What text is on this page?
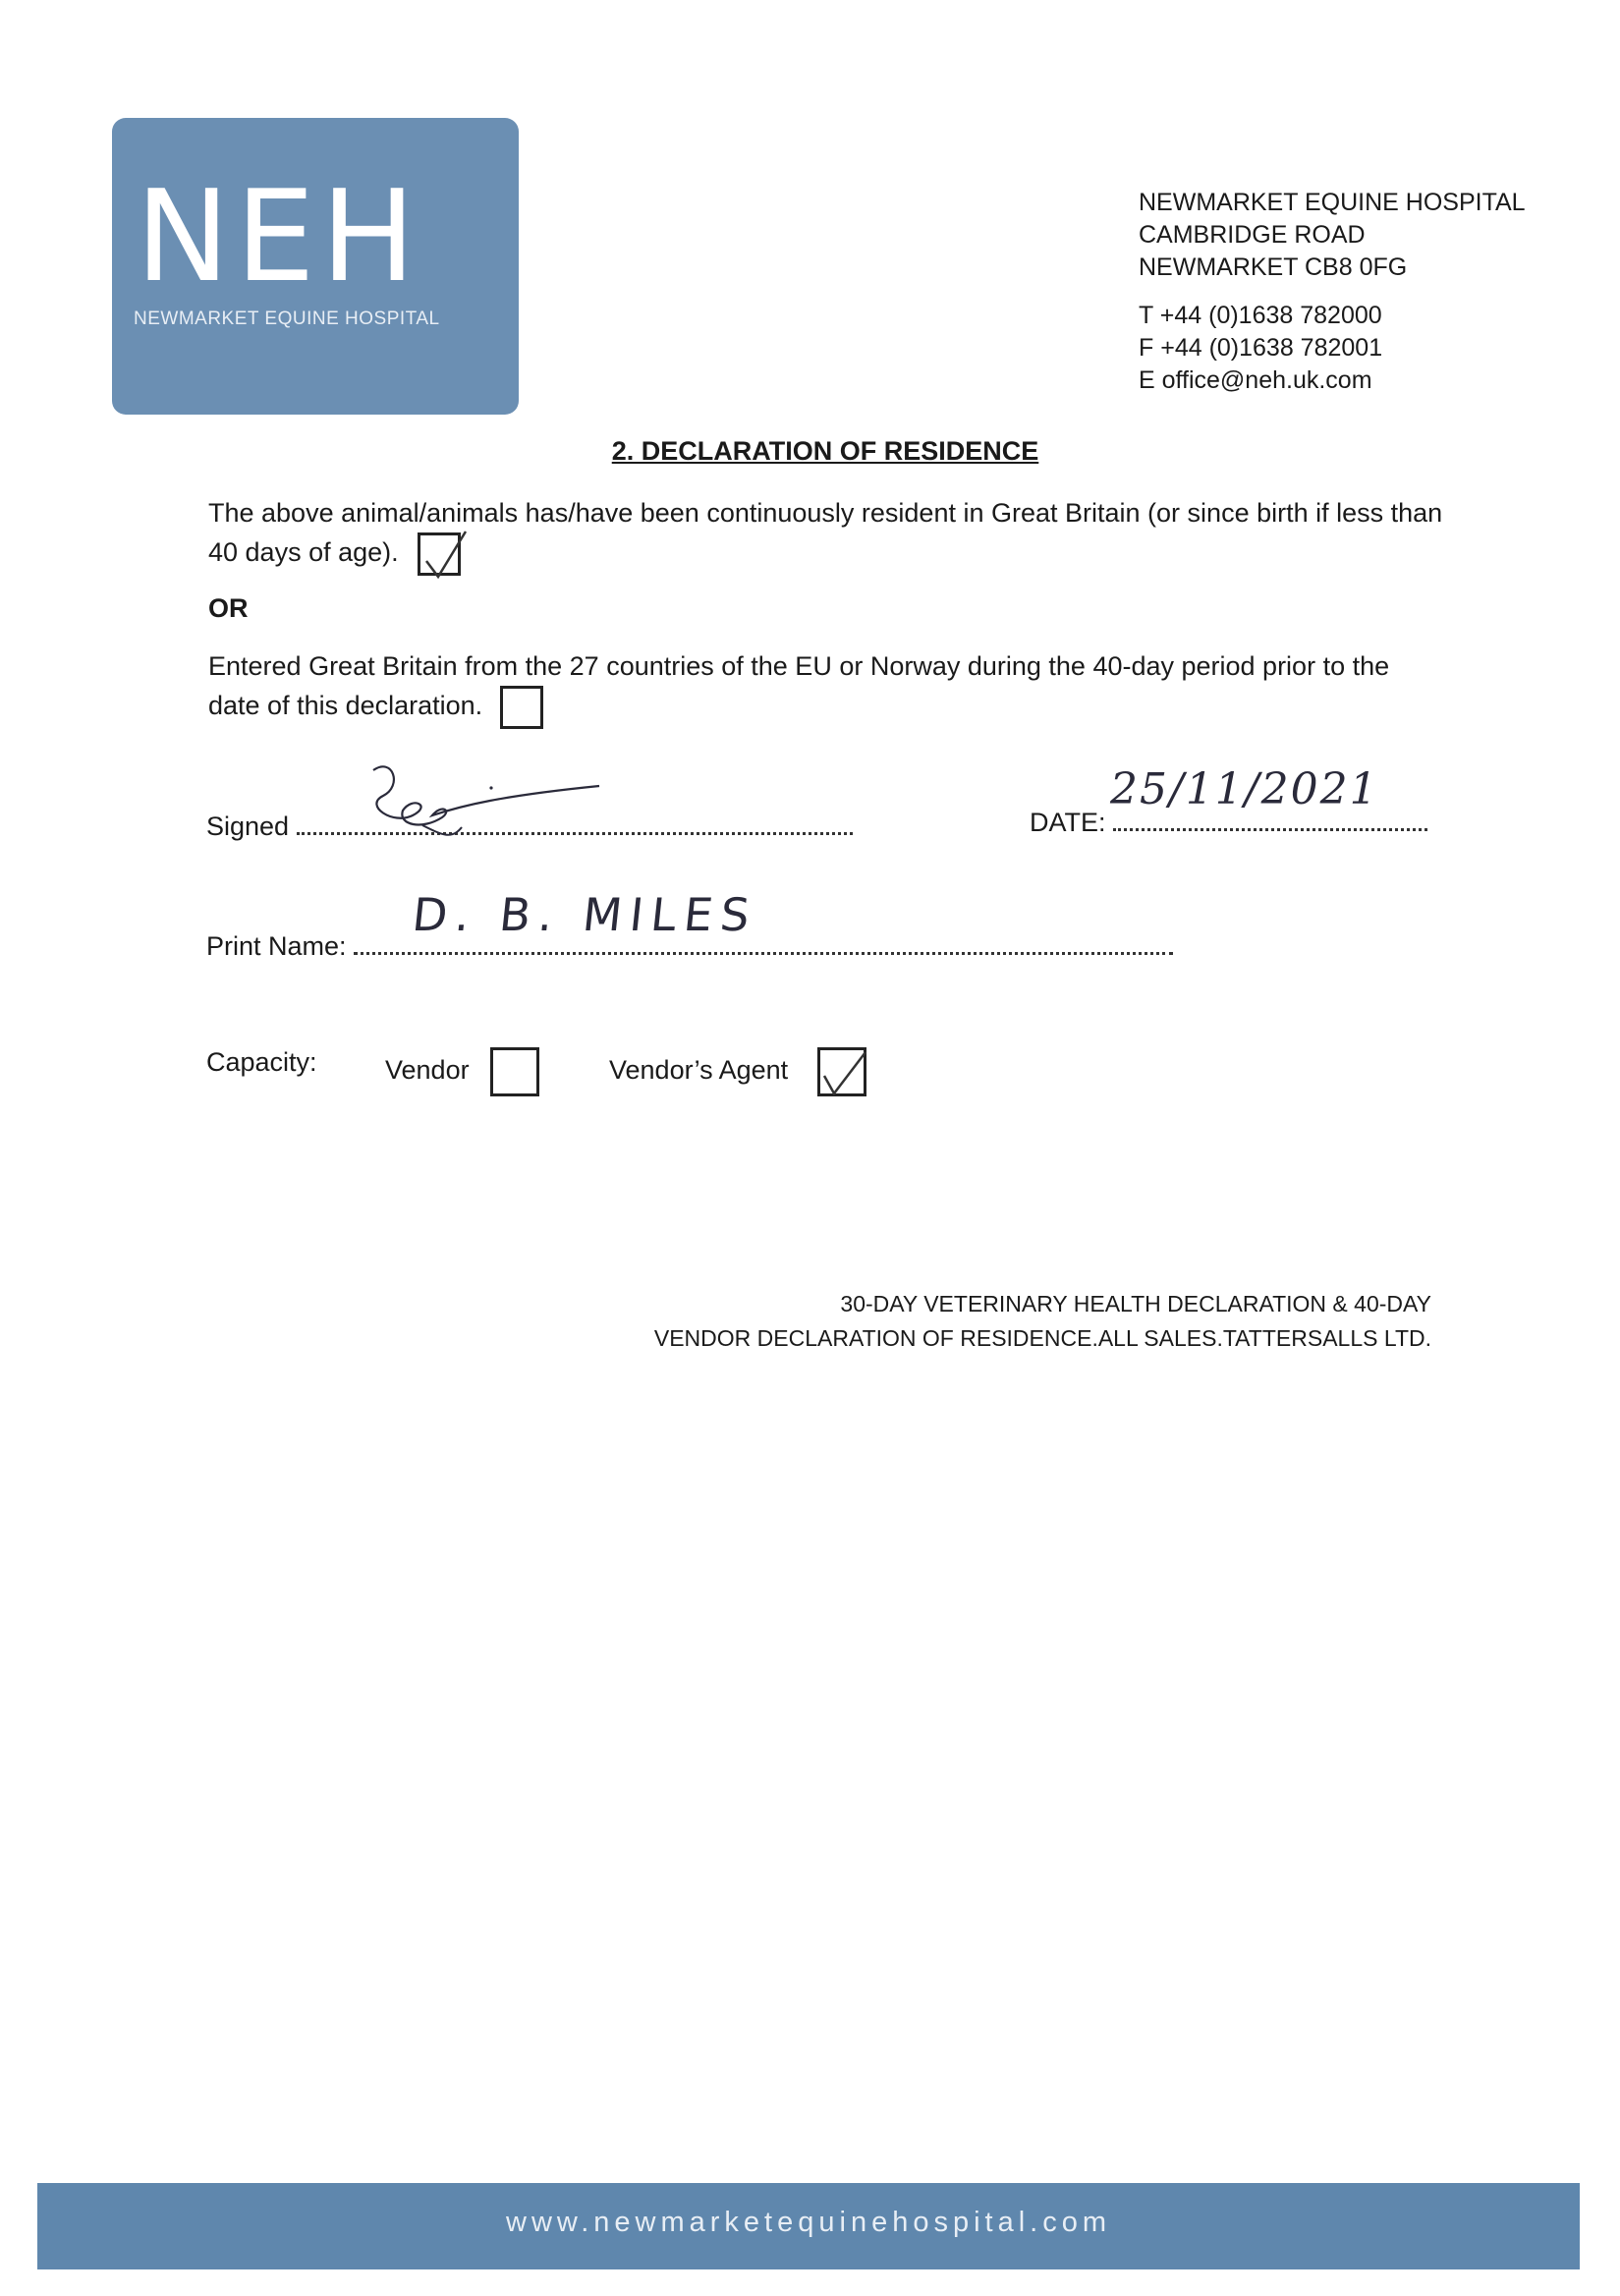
NEH
NEWMARKET EQUINE HOSPITAL
NEWMARKET EQUINE HOSPITAL
CAMBRIDGE ROAD
NEWMARKET CB8 0FG
T +44 (0)1638 782000
F +44 (0)1638 782001
E office@neh.uk.com
2. DECLARATION OF RESIDENCE
The above animal/animals has/have been continuously resident in Great Britain (or since birth if less than 40 days of age).
OR
Entered Great Britain from the 27 countries of the EU or Norway during the 40-day period prior to the date of this declaration.
Signed	DATE:
25/11/2021
Print Name:
D. B. MILES
Capacity:	Vendor	Vendor’s Agent
30-DAY VETERINARY HEALTH DECLARATION & 40-DAY
VENDOR DECLARATION OF RESIDENCE.ALL SALES.TATTERSALLS LTD.
www.newmarketequinehospital.com
